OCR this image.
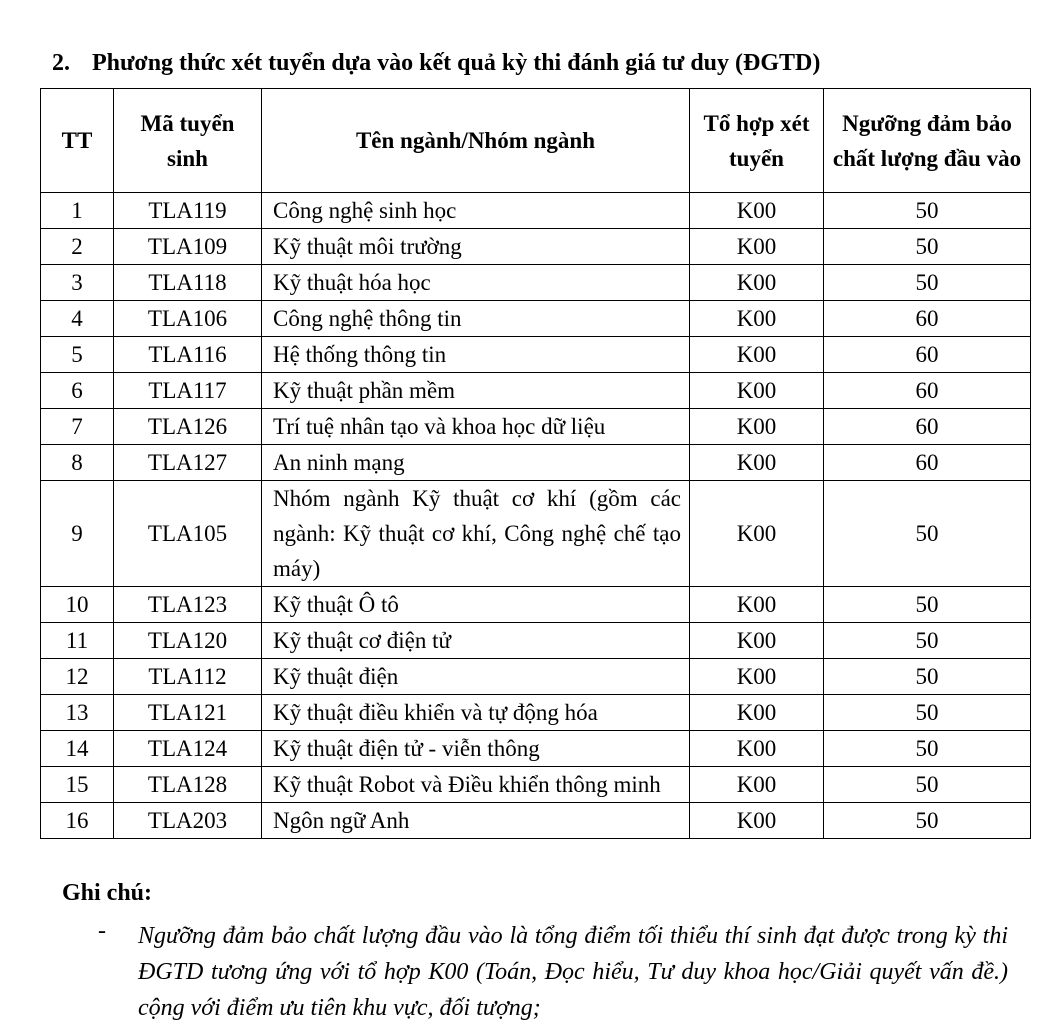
2. Phương thức xét tuyển dựa vào kết quả kỳ thi đánh giá tư duy (ĐGTD)
TT	Mã tuyển sinh	Tên ngành/Nhóm ngành	Tổ hợp xét tuyển	Ngưỡng đảm bảo chất lượng đầu vào
1	TLA119	Công nghệ sinh học	K00	50
2	TLA109	Kỹ thuật môi trường	K00	50
3	TLA118	Kỹ thuật hóa học	K00	50
4	TLA106	Công nghệ thông tin	K00	60
5	TLA116	Hệ thống thông tin	K00	60
6	TLA117	Kỹ thuật phần mềm	K00	60
7	TLA126	Trí tuệ nhân tạo và khoa học dữ liệu	K00	60
8	TLA127	An ninh mạng	K00	60
9	TLA105	Nhóm ngành Kỹ thuật cơ khí (gồm các ngành: Kỹ thuật cơ khí, Công nghệ chế tạo máy)	K00	50
10	TLA123	Kỹ thuật Ô tô	K00	50
11	TLA120	Kỹ thuật cơ điện tử	K00	50
12	TLA112	Kỹ thuật điện	K00	50
13	TLA121	Kỹ thuật điều khiển và tự động hóa	K00	50
14	TLA124	Kỹ thuật điện tử - viễn thông	K00	50
15	TLA128	Kỹ thuật Robot và Điều khiển thông minh	K00	50
16	TLA203	Ngôn ngữ Anh	K00	50
Ghi chú:
- Ngưỡng đảm bảo chất lượng đầu vào là tổng điểm tối thiểu thí sinh đạt được trong kỳ thi ĐGTD tương ứng với tổ hợp K00 (Toán, Đọc hiểu, Tư duy khoa học/Giải quyết vấn đề.) cộng với điểm ưu tiên khu vực, đối tượng;
